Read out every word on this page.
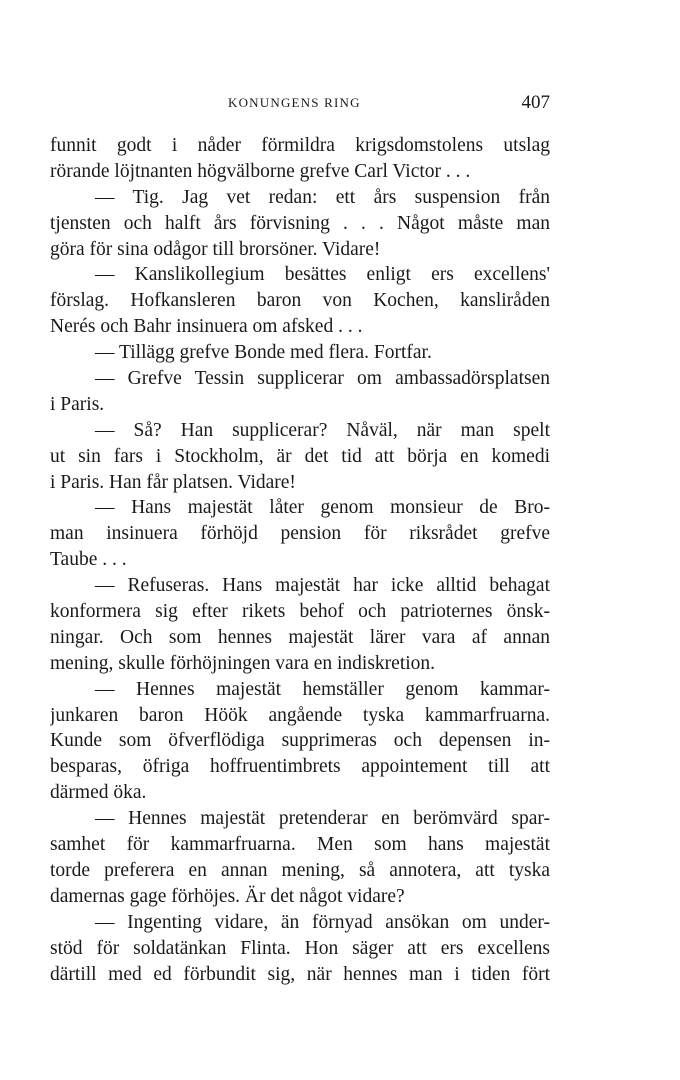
KONUNGENS RING	407
funnit godt i nåder förmildra krigsdomstolens utslag
rörande löjtnanten högvälborne grefve Carl Victor . . .
— Tig. Jag vet redan: ett års suspension från
tjensten och halft års förvisning . . . Något måste man
göra för sina odågor till brorsöner. Vidare!
— Kanslikollegium besättes enligt ers excellens'
förslag. Hofkansleren baron von Kochen, kansliråden
Nerés och Bahr insinuera om afsked . . .
— Tillägg grefve Bonde med flera. Fortfar.
— Grefve Tessin supplicerar om ambassadörsplatsen
i Paris.
— Så? Han supplicerar? Nåväl, när man spelt
ut sin fars i Stockholm, är det tid att börja en komedi
i Paris. Han får platsen. Vidare!
— Hans majestät låter genom monsieur de Bro-
man insinuera förhöjd pension för riksrådet grefve
Taube . . .
— Refuseras. Hans majestät har icke alltid behagat
konformera sig efter rikets behof och patrioternes önsk-
ningar. Och som hennes majestät lärer vara af annan
mening, skulle förhöjningen vara en indiskretion.
— Hennes majestät hemställer genom kammar-
junkaren baron Höök angående tyska kammarfruarna.
Kunde som öfverflödiga supprimeras och depensen in-
besparas, öfriga hoffruentimbrets appointement till att
därmed öka.
— Hennes majestät pretenderar en berömvärd spar-
samhet för kammarfruarna. Men som hans majestät
torde preferera en annan mening, så annotera, att tyska
damernas gage förhöjes. Är det något vidare?
— Ingenting vidare, än förnyad ansökan om under-
stöd för soldatänkan Flinta. Hon säger att ers excellens
därtill med ed förbundit sig, när hennes man i tiden fört
